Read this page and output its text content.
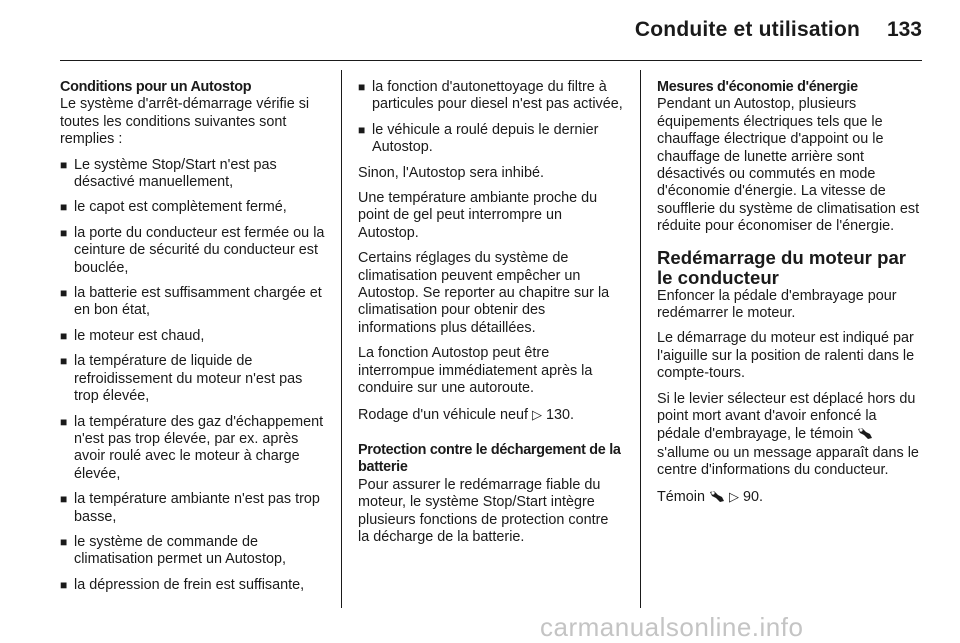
Conduite et utilisation 133
Conditions pour un Autostop

Le système d'arrêt-démarrage vérifie si toutes les conditions suivantes sont remplies :

■ Le système Stop/Start n'est pas désactivé manuellement,
■ le capot est complètement fermé,
■ la porte du conducteur est fermée ou la ceinture de sécurité du conducteur est bouclée,
■ la batterie est suffisamment chargée et en bon état,
■ le moteur est chaud,
■ la température de liquide de refroidissement du moteur n'est pas trop élevée,
■ la température des gaz d'échappement n'est pas trop élevée, par ex. après avoir roulé avec le moteur à charge élevée,
■ la température ambiante n'est pas trop basse,
■ le système de commande de climatisation permet un Autostop,
■ la dépression de frein est suffisante,
■ la fonction d'autonettoyage du filtre à particules pour diesel n'est pas activée,
■ le véhicule a roulé depuis le dernier Autostop.

Sinon, l'Autostop sera inhibé.

Une température ambiante proche du point de gel peut interrompre un Autostop.

Certains réglages du système de climatisation peuvent empêcher un Autostop. Se reporter au chapitre sur la climatisation pour obtenir des informations plus détaillées.

La fonction Autostop peut être interrompue immédiatement après la conduire sur une autoroute.

Rodage d'un véhicule neuf ▷ 130.

Protection contre le déchargement de la batterie

Pour assurer le redémarrage fiable du moteur, le système Stop/Start intègre plusieurs fonctions de protection contre la décharge de la batterie.

Mesures d'économie d'énergie

Pendant un Autostop, plusieurs équipements électriques tels que le chauffage électrique d'appoint ou le chauffage de lunette arrière sont désactivés ou commutés en mode d'économie d'énergie. La vitesse de soufflerie du système de climatisation est réduite pour économiser de l'énergie.

Redémarrage du moteur par le conducteur

Enfoncer la pédale d'embrayage pour redémarrer le moteur.

Le démarrage du moteur est indiqué par l'aiguille sur la position de ralenti dans le compte-tours.

Si le levier sélecteur est déplacé hors du point mort avant d'avoir enfoncé la pédale d'embrayage, le témoin  s'allume ou un message apparaît dans le centre d'informations du conducteur.

Témoin ▷ 90.

carmanualsonline.info
